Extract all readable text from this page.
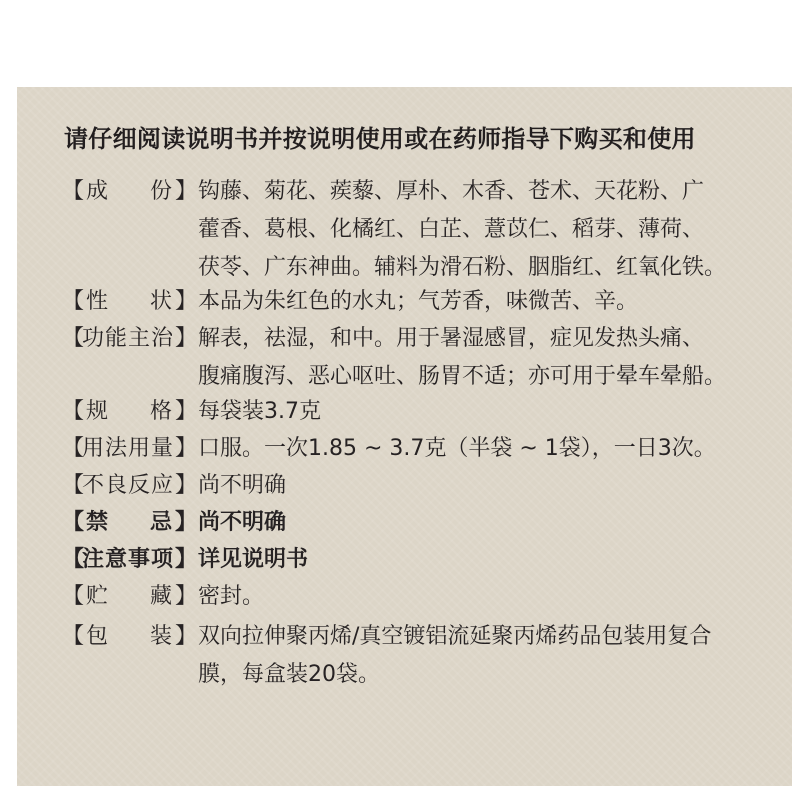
请仔细阅读说明书并按说明使用或在药师指导下购买和使用
【 成 份 】 钩藤、菊花、蒺藜、厚朴、木香、苍术、天花粉、广
藿香、葛根、化橘红、白芷、薏苡仁、稻芽、薄荷、
茯苓、广东神曲。辅料为滑石粉、胭脂红、红氧化铁。
【 性 状 】 本品为朱红色的水丸；气芳香，味微苦、辛。
【
功能主治 】 解表，祛湿，和中。用于暑湿感冒，症见发热头痛、
腹痛腹泻、恶心呕吐、肠胃不适；亦可用于晕车晕船。
【 规 格 】 每袋装3.7克
【
用法用量 】 口服。一次1.85 ~ 3.7克（半袋 ~ 1袋），一日3次。
【
不良反应 】 尚不明确
【 禁 忌 】 尚不明确
【
注意事项 】 详见说明书
【 贮 藏 】 密封。
【 包 装 】 双向拉伸聚丙烯/真空镀铝流延聚丙烯药品包装用复合
膜，每盒装20袋。
